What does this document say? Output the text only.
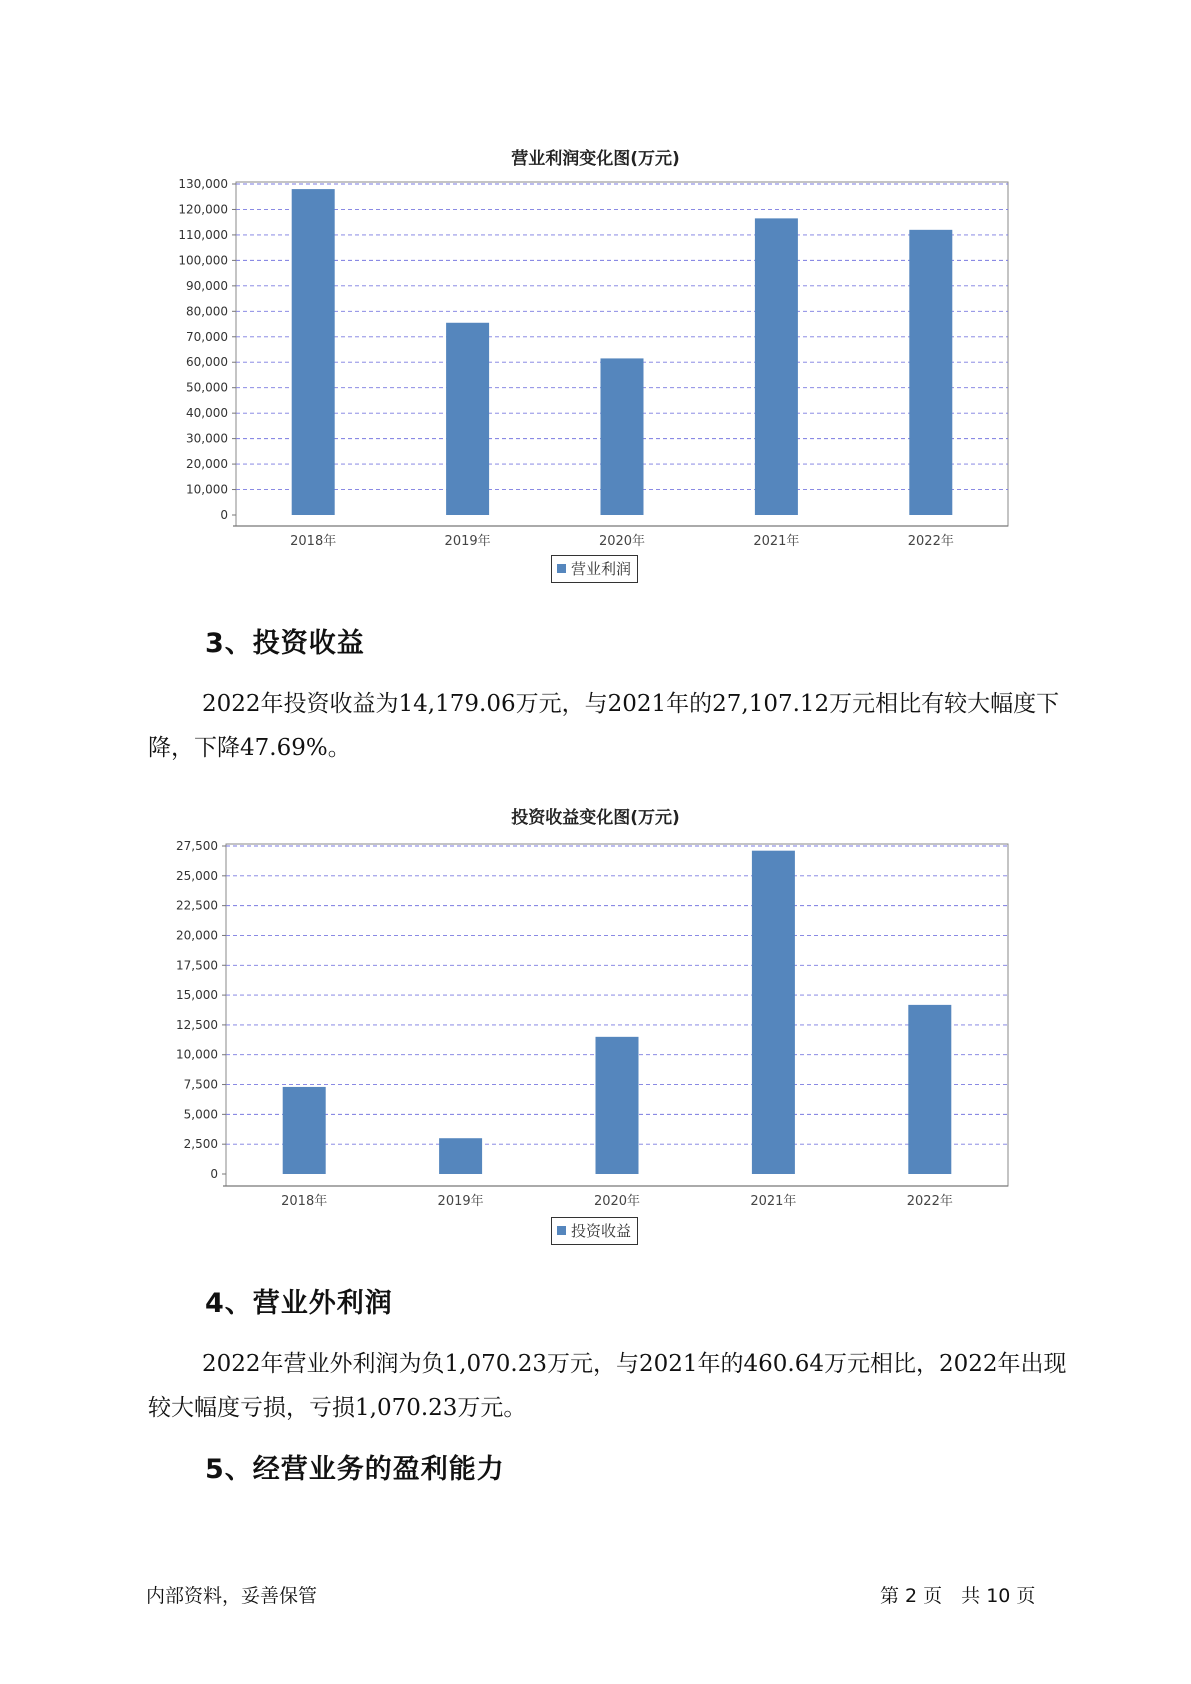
营业利润变化图(万元)
0
10,000
20,000
30,000
40,000
50,000
60,000
70,000
80,000
90,000
100,000
110,000
120,000
130,000
2018年	2019年	2020年	2021年	2022年
营业利润
3、投资收益

2022年投资收益为14,179.06万元，与2021年的27,107.12万元相比有较大幅度下降，下降47.69%。

投资收益变化图(万元)
0
2,500
5,000
7,500
10,000
12,500
15,000
17,500
20,000
22,500
25,000
27,500
2018年	2019年	2020年	2021年	2022年
投资收益
4、营业外利润

2022年营业外利润为负1,070.23万元，与2021年的460.64万元相比，2022年出现较大幅度亏损，亏损1,070.23万元。

5、经营业务的盈利能力
内部资料，妥善保管	第 2 页　共 10 页
